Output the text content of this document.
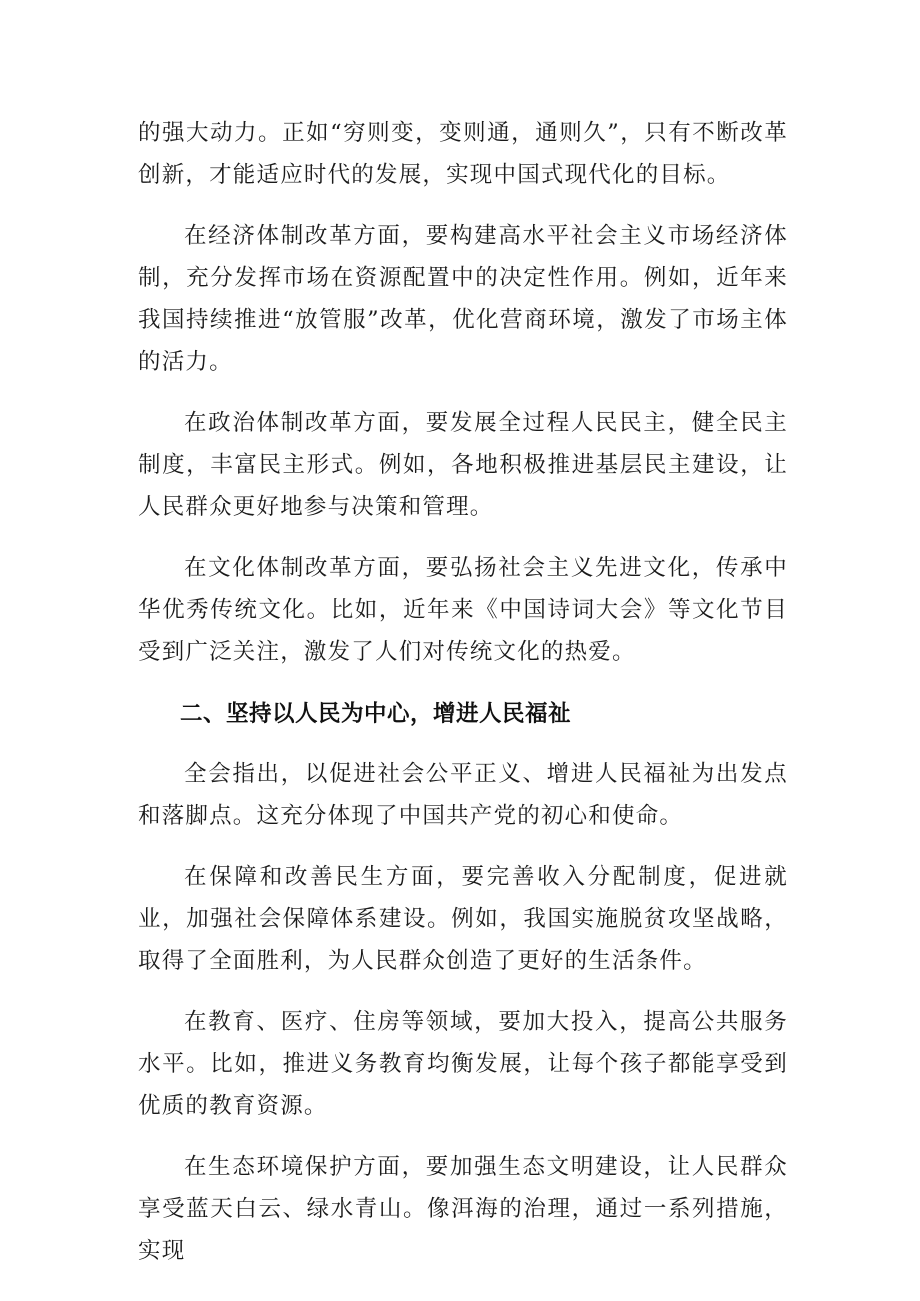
的强大动力。正如“穷则变，变则通，通则久”，只有不断改革创新，才能适应时代的发展，实现中国式现代化的目标。

在经济体制改革方面，要构建高水平社会主义市场经济体制，充分发挥市场在资源配置中的决定性作用。例如，近年来我国持续推进“放管服”改革，优化营商环境，激发了市场主体的活力。

在政治体制改革方面，要发展全过程人民民主，健全民主制度，丰富民主形式。例如，各地积极推进基层民主建设，让人民群众更好地参与决策和管理。

在文化体制改革方面，要弘扬社会主义先进文化，传承中华优秀传统文化。比如，近年来《中国诗词大会》等文化节目受到广泛关注，激发了人们对传统文化的热爱。

二、坚持以人民为中心，增进人民福祉

全会指出，以促进社会公平正义、增进人民福祉为出发点和落脚点。这充分体现了中国共产党的初心和使命。

在保障和改善民生方面，要完善收入分配制度，促进就业，加强社会保障体系建设。例如，我国实施脱贫攻坚战略，取得了全面胜利，为人民群众创造了更好的生活条件。

在教育、医疗、住房等领域，要加大投入，提高公共服务水平。比如，推进义务教育均衡发展，让每个孩子都能享受到优质的教育资源。

在生态环境保护方面，要加强生态文明建设，让人民群众享受蓝天白云、绿水青山。像洱海的治理，通过一系列措施，实现
